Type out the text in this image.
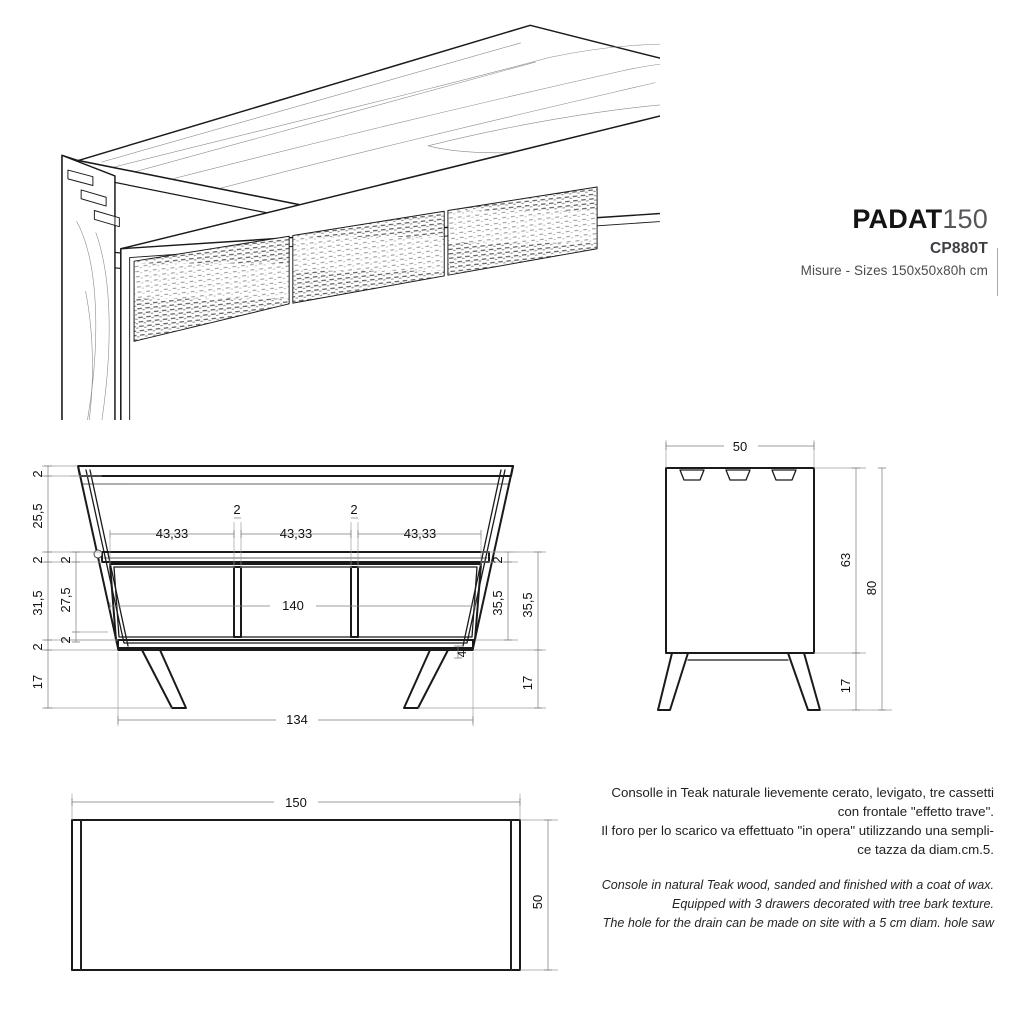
2
25,5
2
31,5
2
17
2
27,5
2
43,33	43,33	43,33
2	2
140
134
2
35,5 35,5
17
4
50
63
80
17
150
50
PADAT150
CP880T
Misure - Sizes 150x50x80h cm

Consolle in Teak naturale lievemente cerato, levigato, tre cassetti

con frontale "effetto trave".

Il foro per lo scarico va effettuato "in opera" utilizzando una sempli-

ce tazza da diam.cm.5.

Console in natural Teak wood, sanded and finished with a coat of wax.

Equipped with 3 drawers decorated with tree bark texture.

The hole for the drain can be made on site with a 5 cm diam. hole saw
